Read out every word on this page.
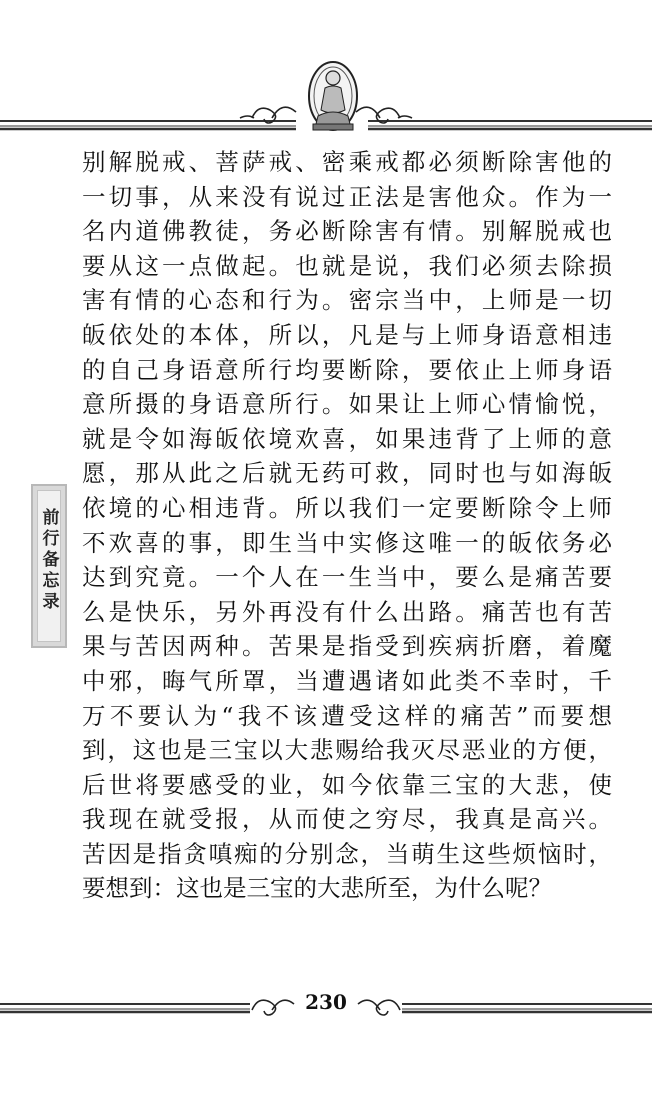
别解脱戒、菩萨戒、密乘戒都必须断除害他的
一切事，从来没有说过正法是害他众。作为一
名内道佛教徒，务必断除害有情。别解脱戒也
要从这一点做起。也就是说，我们必须去除损
害有情的心态和行为。密宗当中，上师是一切
皈依处的本体，所以，凡是与上师身语意相违
的自己身语意所行均要断除，要依止上师身语
意所摄的身语意所行。如果让上师心情愉悦，
就是令如海皈依境欢喜，如果违背了上师的意
愿，那从此之后就无药可救，同时也与如海皈
依境的心相违背。所以我们一定要断除令上师
不欢喜的事，即生当中实修这唯一的皈依务必
达到究竟。一个人在一生当中，要么是痛苦要
么是快乐，另外再没有什么出路。痛苦也有苦
果与苦因两种。苦果是指受到疾病折磨，着魔
中邪，晦气所罩，当遭遇诸如此类不幸时，千
万不要认为“我不该遭受这样的痛苦”而要想
到，这也是三宝以大悲赐给我灭尽恶业的方便，
后世将要感受的业，如今依靠三宝的大悲，使
我现在就受报，从而使之穷尽，我真是高兴。
苦因是指贪嗔痴的分别念，当萌生这些烦恼时，
要想到：这也是三宝的大悲所至，为什么呢？
前行备忘录
230
